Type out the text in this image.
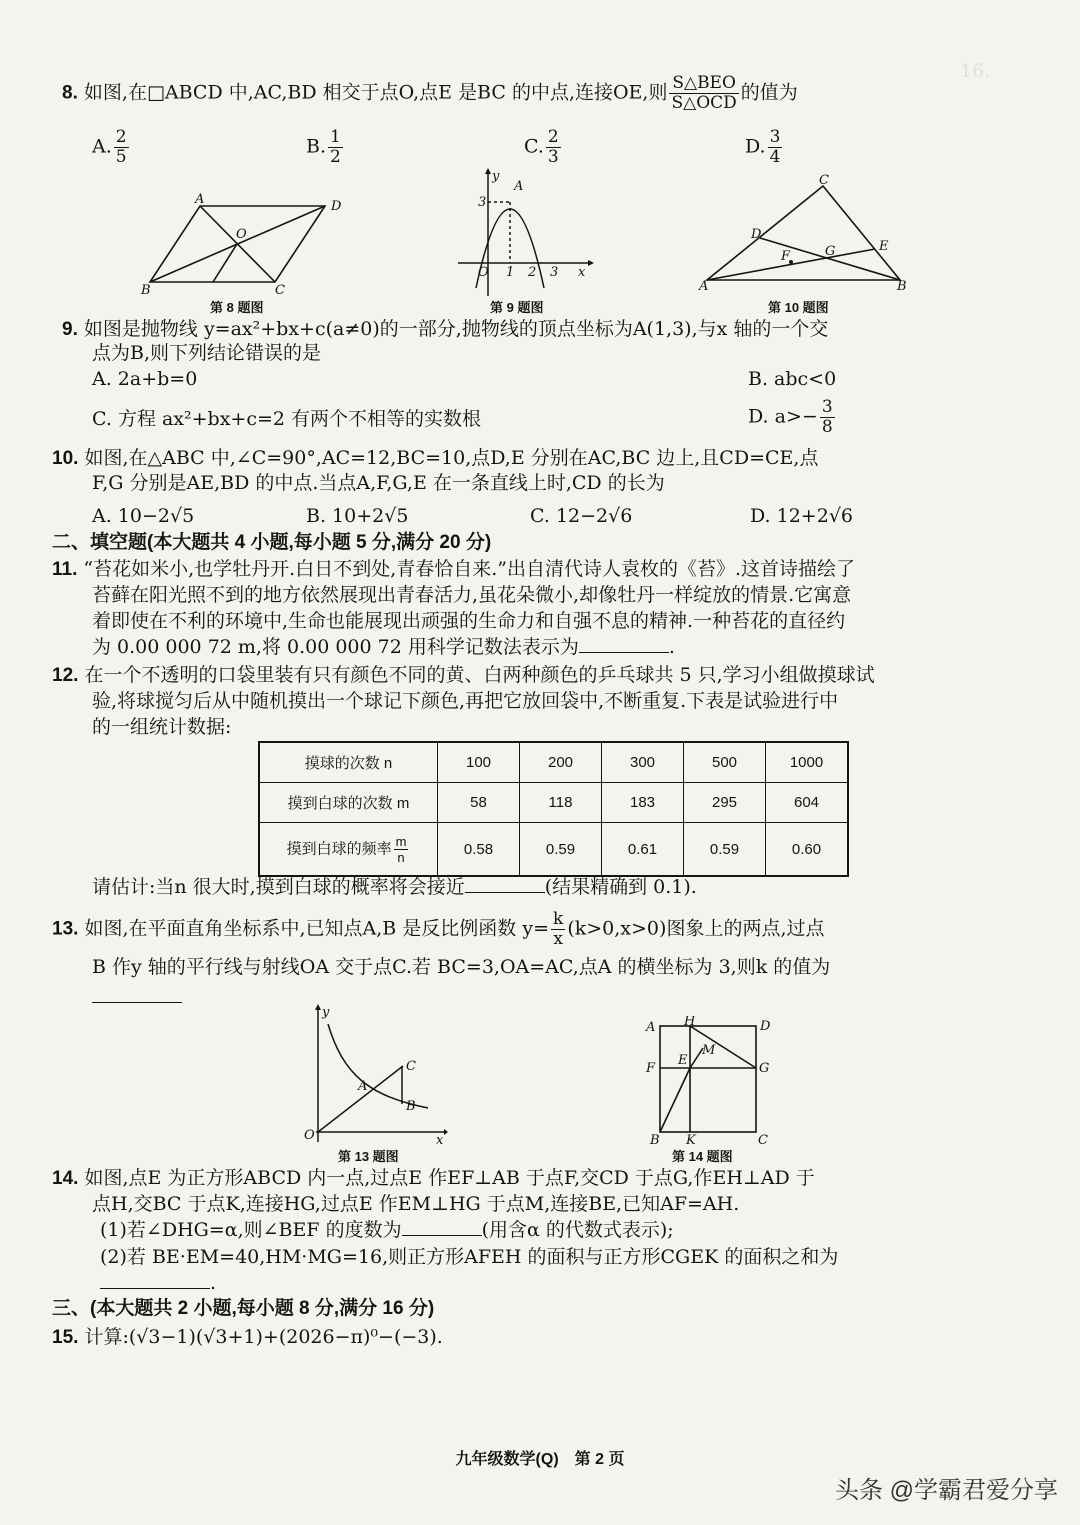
16.
8. 如图,在□ABCD 中,AC,BD 相交于点O,点E 是BC 的中点,连接OE,则 $\frac{\text{S△BEO}}{\text{S△OCD}}$ 的值为
A. $\frac{2}{5}$	B. $\frac{1}{2}$	C. $\frac{2}{3}$	D. $\frac{3}{4}$
A	D
O
B	C
第 8 题图
y
A
3
O 1 2 3 x
第 9 题图
C
D
E
F	G
A	B
第 10 题图
9. 如图是抛物线 y=ax²+bx+c(a≠0)的一部分,抛物线的顶点坐标为A(1,3),与x 轴的一个交
点为B,则下列结论错误的是
A. 2a+b=0	B. abc<0
C. 方程 ax²+bx+c=2 有两个不相等的实数根	D. $a>- \frac{3}{8}$
10. 如图,在△ABC 中,∠C=90°,AC=12,BC=10,点D,E 分别在AC,BC 边上,且CD=CE,点
F,G 分别是AE,BD 的中点.当点A,F,G,E 在一条直线上时,CD 的长为
A. 10−2√5	B. 10+2√5	C. 12−2√6	D. 12+2√6
二、填空题(本大题共 4 小题,每小题 5 分,满分 20 分)
11. “苔花如米小,也学牡丹开.白日不到处,青春恰自来.”出自清代诗人袁枚的《苔》.这首诗描绘了
苔藓在阳光照不到的地方依然展现出青春活力,虽花朵微小,却像牡丹一样绽放的情景.它寓意
着即使在不利的环境中,生命也能展现出顽强的生命力和自强不息的精神.一种苔花的直径约
为 0.00 000 72 m,将 0.00 000 72 用科学记数法表示为	.
12. 在一个不透明的口袋里装有只有颜色不同的黄、白两种颜色的乒乓球共 5 只,学习小组做摸球试
验,将球搅匀后从中随机摸出一个球记下颜色,再把它放回袋中,不断重复.下表是试验进行中
的一组统计数据:
摸球的次数 n	100	200	300	500	1000
摸到白球的次数 m	58	118	183	295	604
摸到白球的频率 $\frac{m}{n}$	0.58	0.59	0.61	0.59	0.60
请估计:当n 很大时,摸到白球的概率将会接近	(结果精确到 0.1).
13. 如图,在平面直角坐标系中,已知点A,B 是反比例函数 $y= \frac{k}{x} (k>0,x>0)$图象上的两点,过点
B 作y 轴的平行线与射线OA 交于点C.若 BC=3,OA=AC,点A 的横坐标为 3,则k 的值为
y
A
C
B
O	x
第 13 题图
A H	D
F
E
M
G
B K	C
第 14 题图
14. 如图,点E 为正方形ABCD 内一点,过点E 作EF⊥AB 于点F,交CD 于点G,作EH⊥AD 于
点H,交BC 于点K,连接HG,过点E 作EM⊥HG 于点M,连接BE,已知AF=AH.
(1)若∠DHG=α,则∠BEF 的度数为	(用含α 的代数式表示);
(2)若 BE·EM=40,HM·MG=16,则正方形AFEH 的面积与正方形CGEK 的面积之和为
.
三、(本大题共 2 小题,每小题 8 分,满分 16 分)
15. 计算:(√3−1)(√3+1)+(2026−π)⁰−(−3).
九年级数学(Q)　第 2 页
头条 @学霸君爱分享
